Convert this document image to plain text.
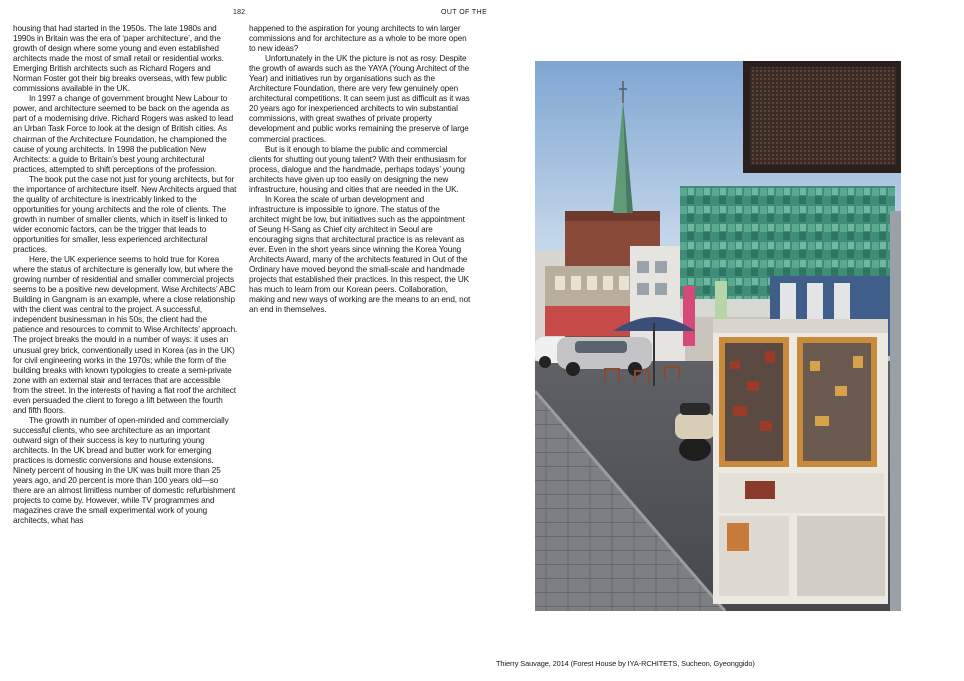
182	OUT OF THE

housing that had started in the 1950s. The late 1980s and 1990s in Britain was the era of ‘paper architecture’, and the growth of design where some young and even established architects made the most of small retail or residential works. Emerging British architects such as Richard Rogers and Norman Foster got their big breaks overseas, with few public commissions available in the UK.

In 1997 a change of government brought New Labour to power, and architecture seemed to be back on the agenda as part of a modernising drive. Richard Rogers was asked to lead an Urban Task Force to look at the design of British cities. As chairman of the Architecture Foundation, he championed the cause of young architects. In 1998 the publication New Architects: a guide to Britain’s best young architectural practices, attempted to shift perceptions of the profession.

The book put the case not just for young architects, but for the importance of architecture itself. New Architects argued that the quality of architecture is inextricably linked to the opportunities for young architects and the role of clients. The growth in number of smaller clients, which in itself is linked to wider economic factors, can be the trigger that leads to opportunities for smaller, less experienced architectural practices.

Here, the UK experience seems to hold true for Korea where the status of architecture is generally low, but where the growing number of residential and smaller commercial projects seems to be a positive new development. Wise Architects’ ABC Building in Gangnam is an example, where a close relationship with the client was central to the project. A successful, independent businessman in his 50s, the client had the patience and resources to commit to Wise Architects’ approach. The project breaks the mould in a number of ways: it uses an unusual grey brick, conventionally used in Korea (as in the UK) for civil engineering works in the 1970s; while the form of the building breaks with known typologies to create a semi-private zone with an external stair and terraces that are accessible from the street. In the interests of having a flat roof the architect even persuaded the client to forego a lift between the fourth and fifth floors.

The growth in number of open-minded and commercially successful clients, who see architecture as an important outward sign of their success is key to nurturing young architects. In the UK bread and butter work for emerging practices is domestic conversions and house extensions. Ninety percent of housing in the UK was built more than 25 years ago, and 20 percent is more than 100 years old—so there are an almost limitless number of domestic refurbishment projects to come by. However, while TV programmes and magazines crave the small experimental work of young architects, what has

happened to the aspiration for young architects to win larger commissions and for architecture as a whole to be more open to new ideas?

Unfortunately in the UK the picture is not as rosy. Despite the growth of awards such as the YAYA (Young Architect of the Year) and initiatives run by organisations such as the Architecture Foundation, there are very few genuinely open architectural competitions. It can seem just as difficult as it was 20 years ago for inexperienced architects to win substantial commissions, with great swathes of private property development and public works remaining the preserve of large commercial practices.

But is it enough to blame the public and commercial clients for shutting out young talent? With their enthusiasm for process, dialogue and the handmade, perhaps todays’ young architects have given up too easily on designing the new infrastructure, housing and cities that are needed in the UK.

In Korea the scale of urban development and infrastructure is impossible to ignore. The status of the architect might be low, but initiatives such as the appointment of Seung H-Sang as Chief city architect in Seoul are encouraging signs that architectural practice is as relevant as ever. Even in the short years since winning the Korea Young Architects Award, many of the architects featured in Out of the Ordinary have moved beyond the small-scale and handmade projects that established their practices. In this respect, the UK has much to learn from our Korean peers. Collaboration, making and new ways of working are the means to an end, not an end in themselves.

Thierry Sauvage, 2014 (Forest House by IYA-RCHITETS, Sucheon, Gyeonggido)
